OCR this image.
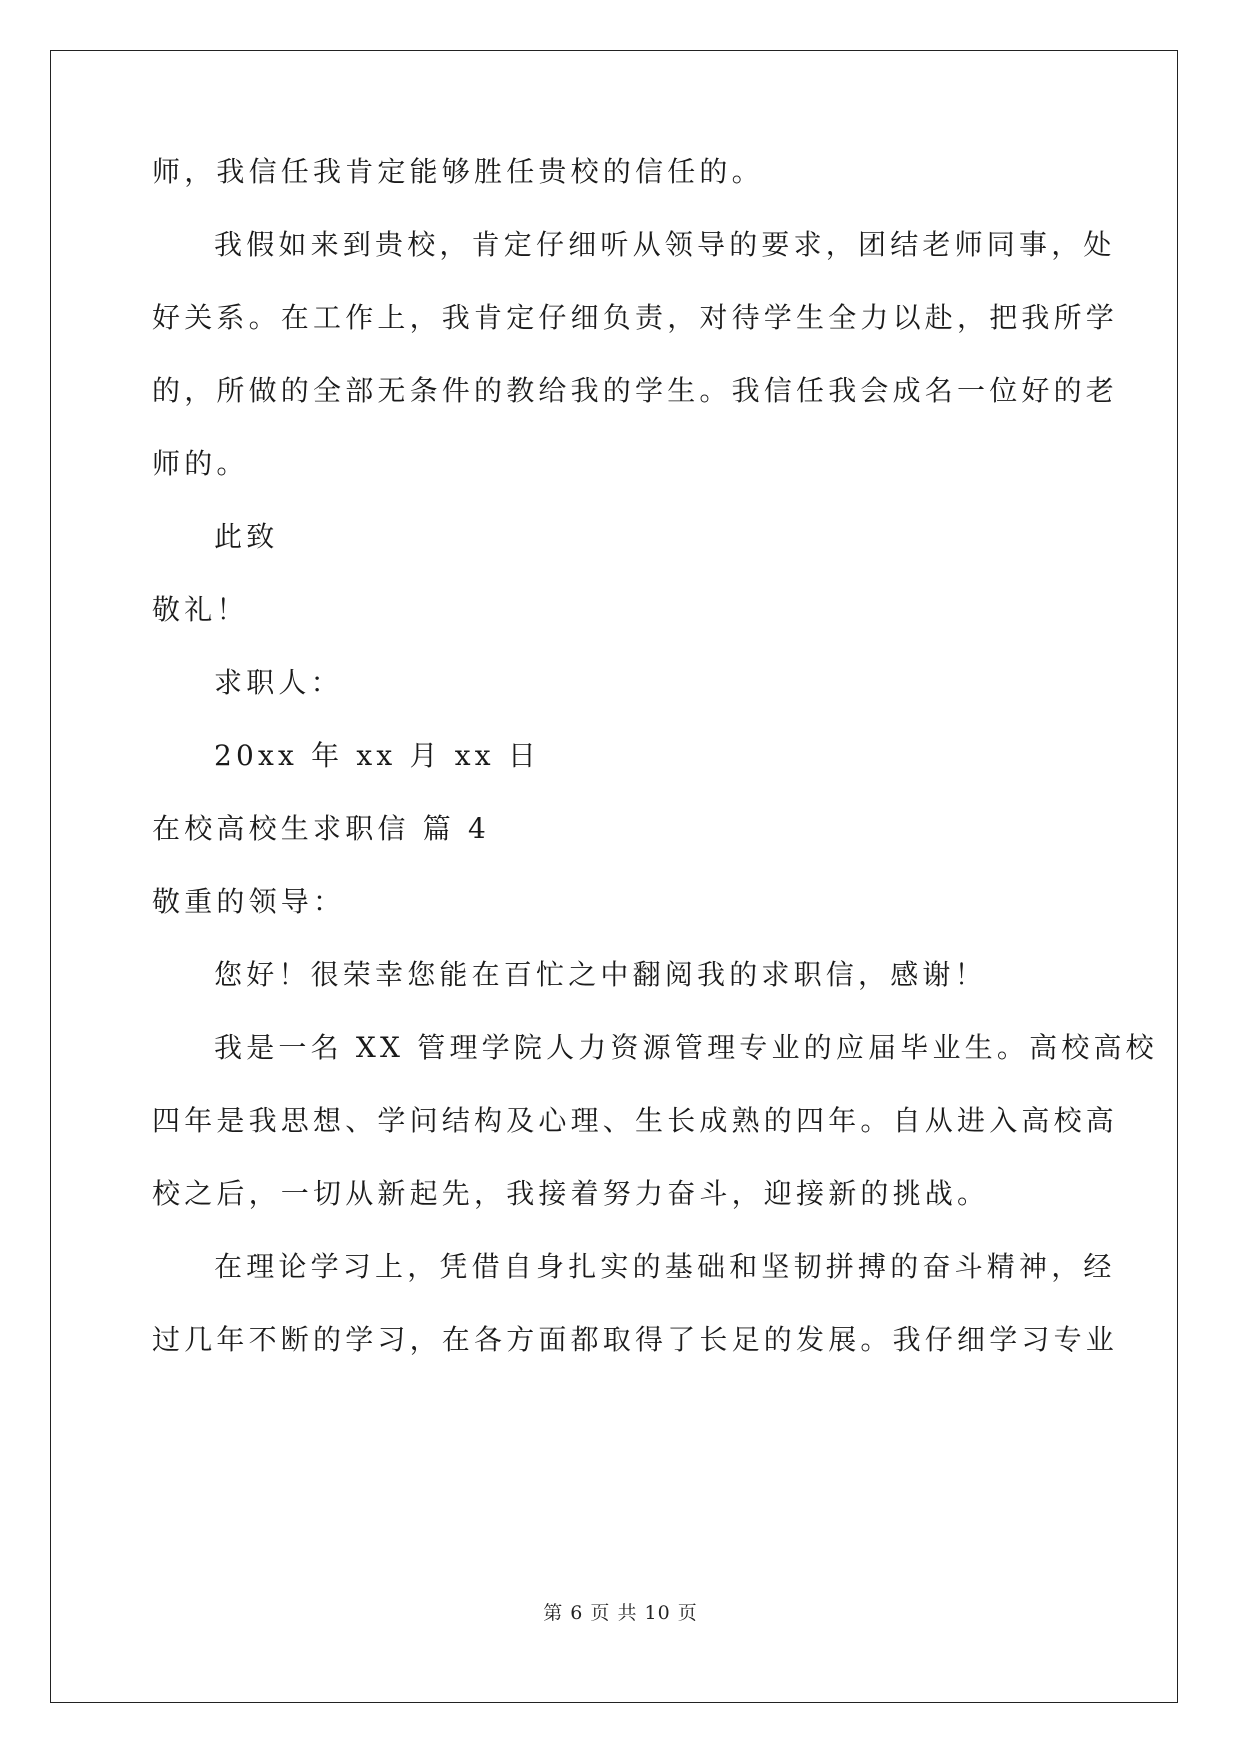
师，我信任我肯定能够胜任贵校的信任的。
我假如来到贵校，肯定仔细听从领导的要求，团结老师同事，处
好关系。在工作上，我肯定仔细负责，对待学生全力以赴，把我所学
的，所做的全部无条件的教给我的学生。我信任我会成名一位好的老
师的。
此致
敬礼！
求职人：
20xx 年 xx 月 xx 日
在校高校生求职信 篇 4
敬重的领导：
您好！很荣幸您能在百忙之中翻阅我的求职信，感谢！
我是一名 XX 管理学院人力资源管理专业的应届毕业生。高校高校
四年是我思想、学问结构及心理、生长成熟的四年。自从进入高校高
校之后，一切从新起先，我接着努力奋斗，迎接新的挑战。
在理论学习上，凭借自身扎实的基础和坚韧拼搏的奋斗精神，经
过几年不断的学习，在各方面都取得了长足的发展。我仔细学习专业
第 6 页 共 10 页
